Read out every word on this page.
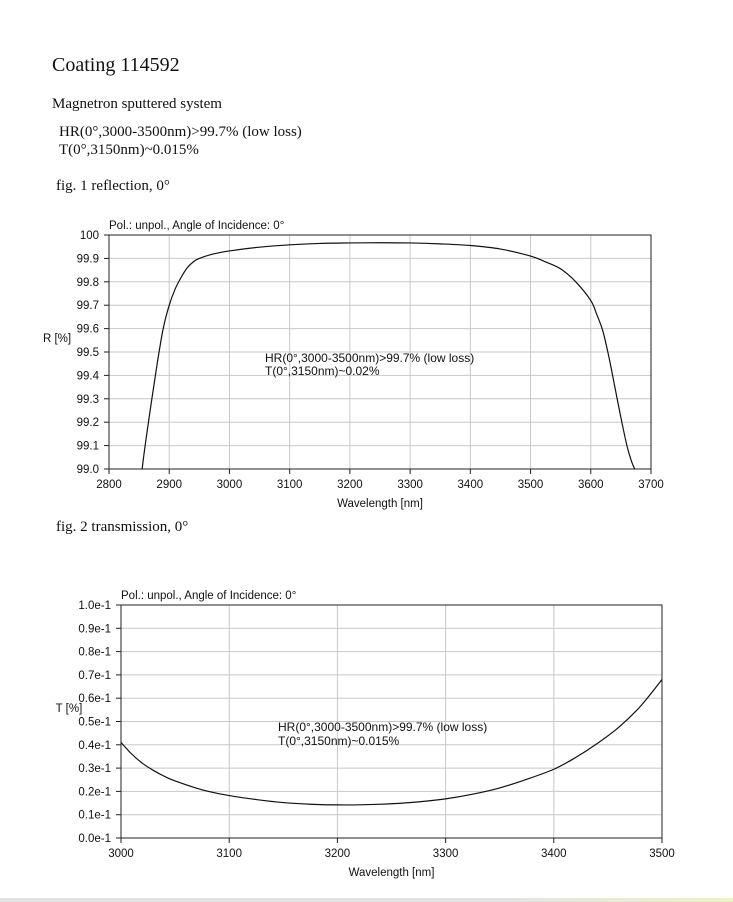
Coating 114592
Magnetron sputtered system
HR(0°,3000-3500nm)>99.7% (low loss)
T(0°,3150nm)~0.015%
fig. 1 reflection, 0°
fig. 2 transmission, 0°
2800	2900	3000	3100	3200	3300	3400	3500	3600	3700
99.0
99.1
99.2
99.3
99.4
99.5
99.6
99.7
99.8
99.9
100
Pol.: unpol., Angle of Incidence: 0°
Wavelength [nm]
R [%]
HR(0°,3000-3500nm)>99.7% (low loss)
T(0°,3150nm)~0.02%
3000	3100	3200	3300	3400	3500
0.0e-1
0.1e-1
0.2e-1
0.3e-1
0.4e-1
0.5e-1
0.6e-1
0.7e-1
0.8e-1
0.9e-1
1.0e-1
Pol.: unpol., Angle of Incidence: 0°
Wavelength [nm]
T [%]
HR(0°,3000-3500nm)>99.7% (low loss)
T(0°,3150nm)~0.015%
